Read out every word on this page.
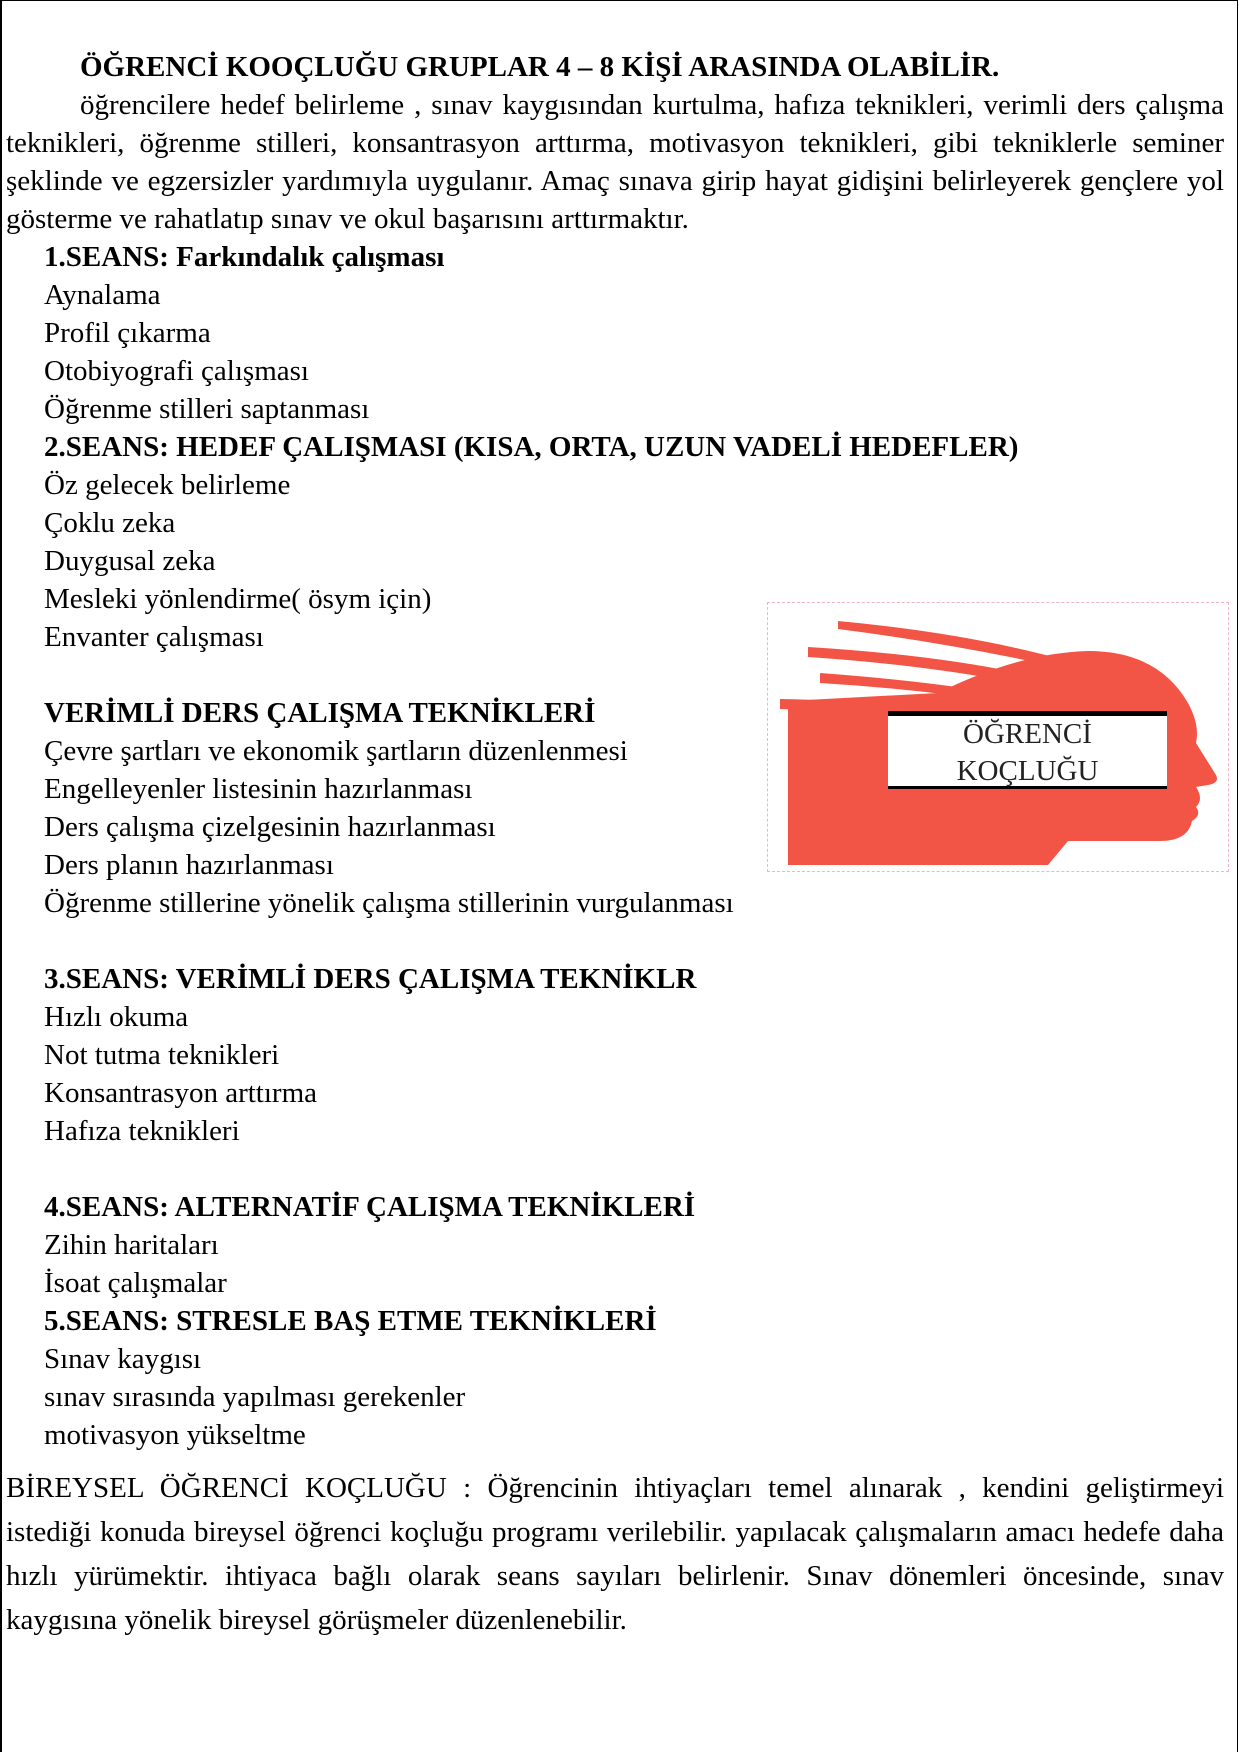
ÖĞRENCİ KOOÇLUĞU GRUPLAR 4 – 8 KİŞİ ARASINDA OLABİLİR.

öğrencilere hedef belirleme , sınav kaygısından kurtulma, hafıza teknikleri, verimli ders çalışma teknikleri, öğrenme stilleri, konsantrasyon arttırma, motivasyon teknikleri, gibi tekniklerle seminer şeklinde ve egzersizler yardımıyla uygulanır. Amaç sınava girip hayat gidişini belirleyerek gençlere yol gösterme ve rahatlatıp sınav ve okul başarısını arttırmaktır.

1.SEANS: Farkındalık çalışması

Aynalama

Profil çıkarma

Otobiyografi çalışması

Öğrenme stilleri saptanması

2.SEANS: HEDEF ÇALIŞMASI (KISA, ORTA, UZUN VADELİ HEDEFLER)

Öz gelecek belirleme

Çoklu zeka

Duygusal zeka

Mesleki yönlendirme( ösym için)

Envanter çalışması

VERİMLİ DERS ÇALIŞMA TEKNİKLERİ

Çevre şartları ve ekonomik şartların düzenlenmesi

Engelleyenler listesinin hazırlanması

Ders çalışma çizelgesinin hazırlanması

Ders planın hazırlanması

Öğrenme stillerine yönelik çalışma stillerinin vurgulanması

3.SEANS: VERİMLİ DERS ÇALIŞMA TEKNİKLR

Hızlı okuma

Not tutma teknikleri

Konsantrasyon arttırma

Hafıza teknikleri

4.SEANS: ALTERNATİF ÇALIŞMA TEKNİKLERİ

Zihin haritaları

İsoat çalışmalar

5.SEANS: STRESLE BAŞ ETME TEKNİKLERİ

Sınav kaygısı

sınav sırasında yapılması gerekenler

motivasyon yükseltme

BİREYSEL ÖĞRENCİ KOÇLUĞU : Öğrencinin ihtiyaçları temel alınarak , kendini geliştirmeyi istediği konuda bireysel öğrenci koçluğu programı verilebilir. yapılacak çalışmaların amacı hedefe daha hızlı yürümektir. ihtiyaca bağlı olarak seans sayıları belirlenir. Sınav dönemleri öncesinde, sınav kaygısına yönelik bireysel görüşmeler düzenlenebilir.

ÖĞRENCİ
KOÇLUĞU
